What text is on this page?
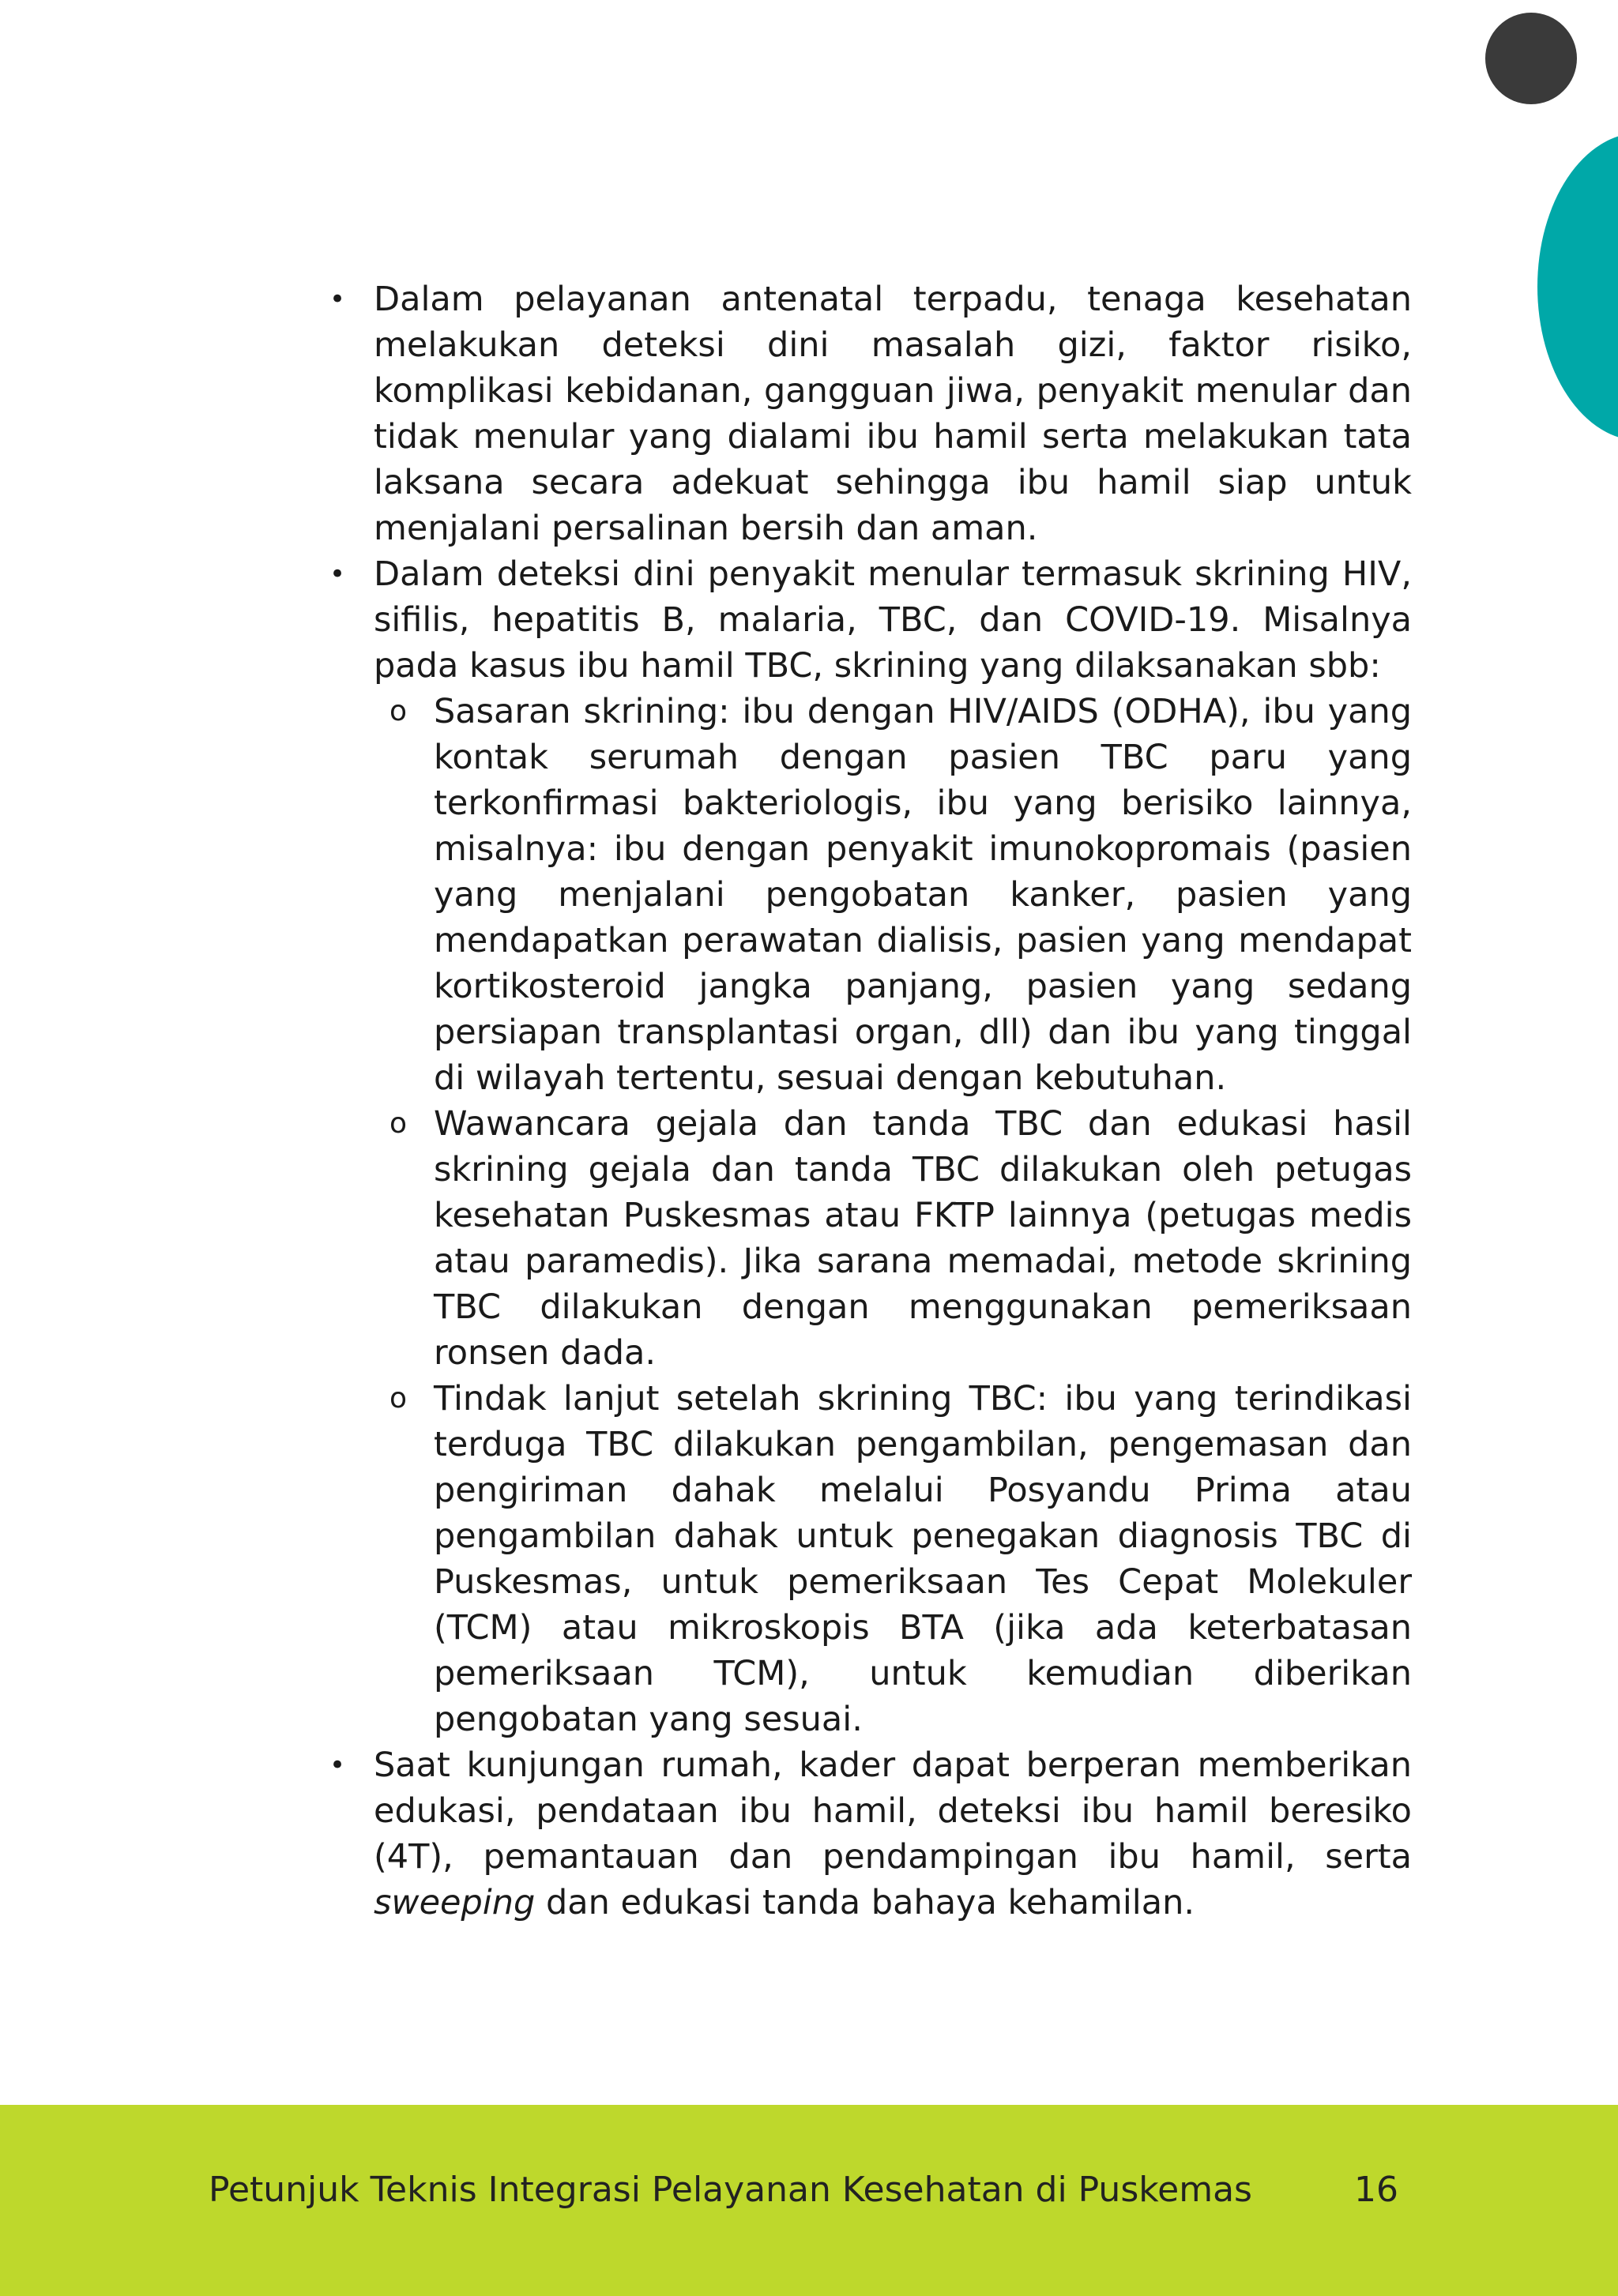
• Dalam pelayanan antenatal terpadu, tenaga kesehatan melakukan deteksi dini masalah gizi, faktor risiko, komplikasi kebidanan, gangguan jiwa, penyakit menular dan tidak menular yang dialami ibu hamil serta melakukan tata laksana secara adekuat sehingga ibu hamil siap untuk menjalani persalinan bersih dan aman.
• Dalam deteksi dini penyakit menular termasuk skrining HIV, sifilis, hepatitis B, malaria, TBC, dan COVID-19. Misalnya pada kasus ibu hamil TBC, skrining yang dilaksanakan sbb:
o Sasaran skrining: ibu dengan HIV/AIDS (ODHA), ibu yang kontak serumah dengan pasien TBC paru yang terkonfirmasi bakteriologis, ibu yang berisiko lainnya, misalnya: ibu dengan penyakit imunokopromais (pasien yang menjalani pengobatan kanker, pasien yang mendapatkan perawatan dialisis, pasien yang mendapat kortikosteroid jangka panjang, pasien yang sedang persiapan transplantasi organ, dll) dan ibu yang tinggal di wilayah tertentu, sesuai dengan kebutuhan.
o Wawancara gejala dan tanda TBC dan edukasi hasil skrining gejala dan tanda TBC dilakukan oleh petugas kesehatan Puskesmas atau FKTP lainnya (petugas medis atau paramedis). Jika sarana memadai, metode skrining TBC dilakukan dengan menggunakan pemeriksaan ronsen dada.
o Tindak lanjut setelah skrining TBC: ibu yang terindikasi terduga TBC dilakukan pengambilan, pengemasan dan pengiriman dahak melalui Posyandu Prima atau pengambilan dahak untuk penegakan diagnosis TBC di Puskesmas, untuk pemeriksaan Tes Cepat Molekuler (TCM) atau mikroskopis BTA (jika ada keterbatasan pemeriksaan TCM), untuk kemudian diberikan pengobatan yang sesuai.
• Saat kunjungan rumah, kader dapat berperan memberikan edukasi, pendataan ibu hamil, deteksi ibu hamil beresiko (4T), pemantauan dan pendampingan ibu hamil, serta sweeping dan edukasi tanda bahaya kehamilan.
Petunjuk Teknis Integrasi Pelayanan Kesehatan di Puskemas	16
